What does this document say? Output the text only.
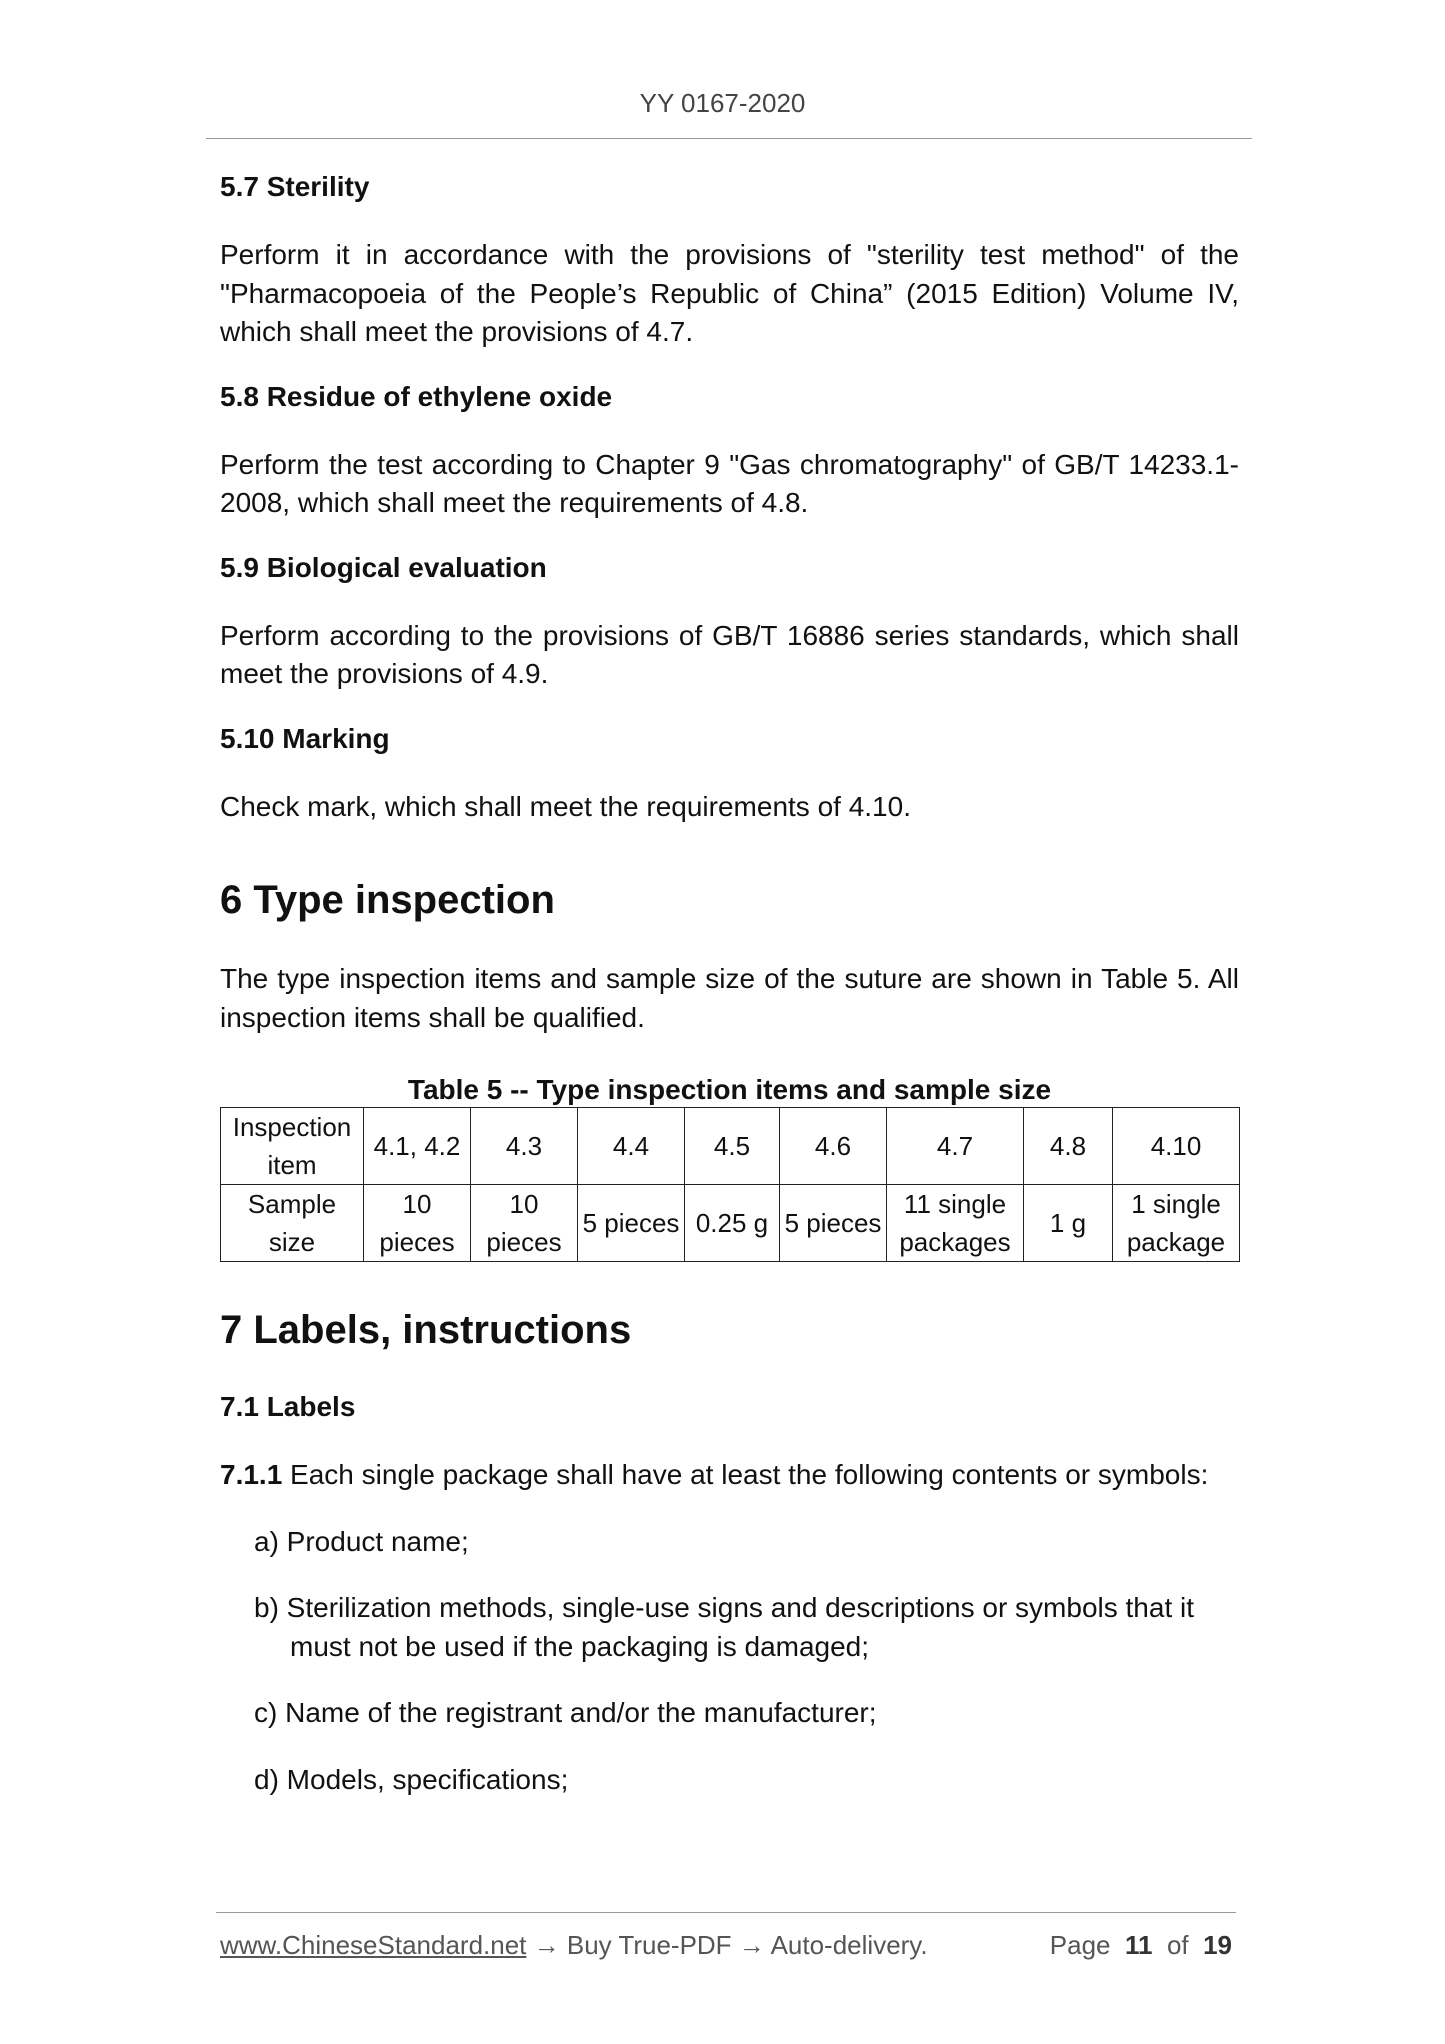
YY 0167-2020
5.7 Sterility

Perform it in accordance with the provisions of "sterility test method" of the "Pharmacopoeia of the People’s Republic of China” (2015 Edition) Volume IV, which shall meet the provisions of 4.7.

5.8 Residue of ethylene oxide

Perform the test according to Chapter 9 "Gas chromatography" of GB/T 14233.1-2008, which shall meet the requirements of 4.8.

5.9 Biological evaluation

Perform according to the provisions of GB/T 16886 series standards, which shall meet the provisions of 4.9.

5.10 Marking

Check mark, which shall meet the requirements of 4.10.

6 Type inspection

The type inspection items and sample size of the suture are shown in Table 5. All inspection items shall be qualified.

Table 5 -- Type inspection items and sample size
Inspection item	4.1, 4.2	4.3	4.4	4.5	4.6	4.7	4.8	4.10
Sample size	10 pieces	10 pieces	5 pieces	0.25 g	5 pieces	11 single packages	1 g	1 single package
7 Labels, instructions
7.1 Labels

7.1.1 Each single package shall have at least the following contents or symbols:

a) Product name;
b) Sterilization methods, single-use signs and descriptions or symbols that it must not be used if the packaging is damaged;
c) Name of the registrant and/or the manufacturer;
d) Models, specifications;
www.ChineseStandard.net → Buy True-PDF → Auto-delivery.	Page 11 of 19
